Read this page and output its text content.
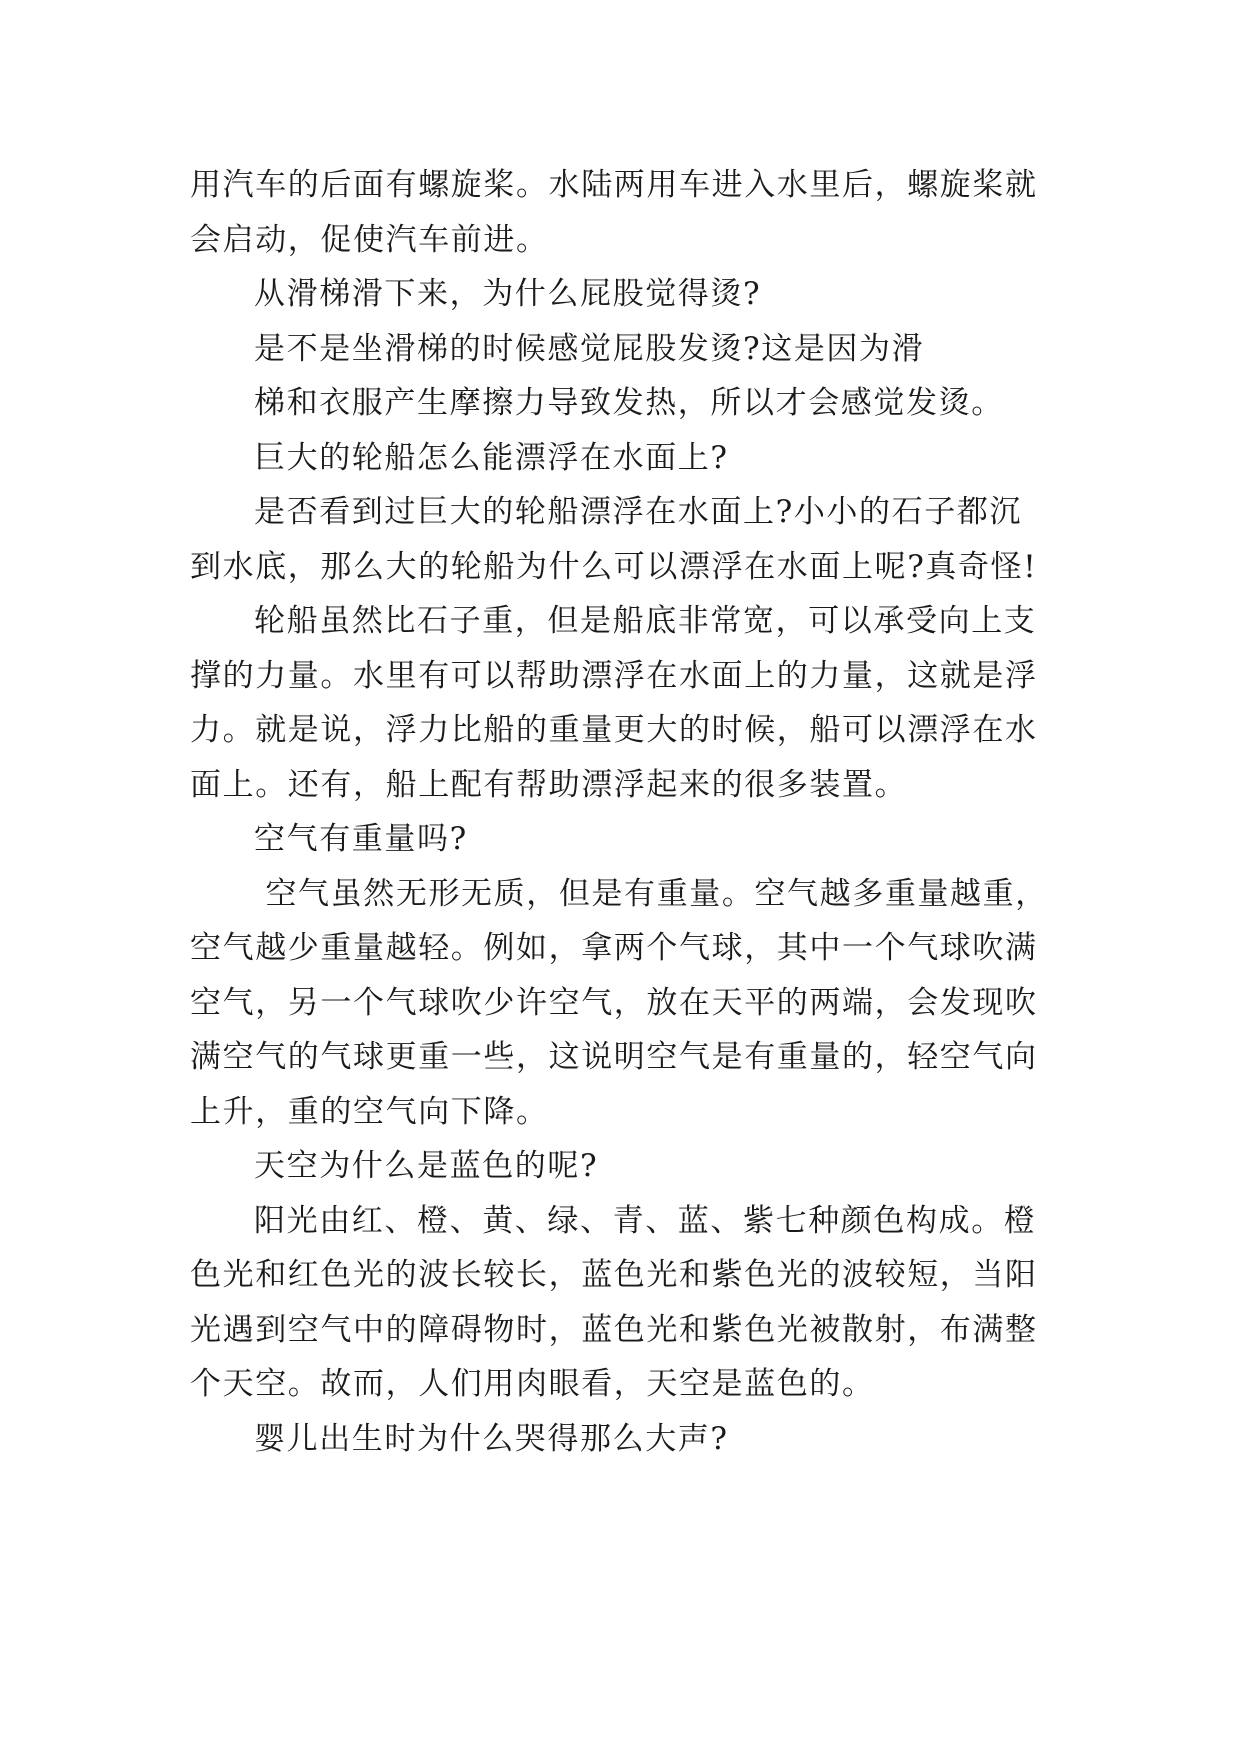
用汽车的后面有螺旋桨。水陆两用车进入水里后，螺旋桨就

会启动，促使汽车前进。

从滑梯滑下来，为什么屁股觉得烫?

是不是坐滑梯的时候感觉屁股发烫?这是因为滑

梯和衣服产生摩擦力导致发热，所以才会感觉发烫。

巨大的轮船怎么能漂浮在水面上?

是否看到过巨大的轮船漂浮在水面上?小小的石子都沉

到水底，那么大的轮船为什么可以漂浮在水面上呢?真奇怪!

轮船虽然比石子重，但是船底非常宽，可以承受向上支

撑的力量。水里有可以帮助漂浮在水面上的力量，这就是浮

力。就是说，浮力比船的重量更大的时候，船可以漂浮在水

面上。还有，船上配有帮助漂浮起来的很多装置。

空气有重量吗?

空气虽然无形无质，但是有重量。空气越多重量越重，

空气越少重量越轻。例如，拿两个气球，其中一个气球吹满

空气，另一个气球吹少许空气，放在天平的两端，会发现吹

满空气的气球更重一些，这说明空气是有重量的，轻空气向

上升，重的空气向下降。

天空为什么是蓝色的呢?

阳光由红、橙、黄、绿、青、蓝、紫七种颜色构成。橙

色光和红色光的波长较长，蓝色光和紫色光的波较短，当阳

光遇到空气中的障碍物时，蓝色光和紫色光被散射，布满整

个天空。故而，人们用肉眼看，天空是蓝色的。

婴儿出生时为什么哭得那么大声?
